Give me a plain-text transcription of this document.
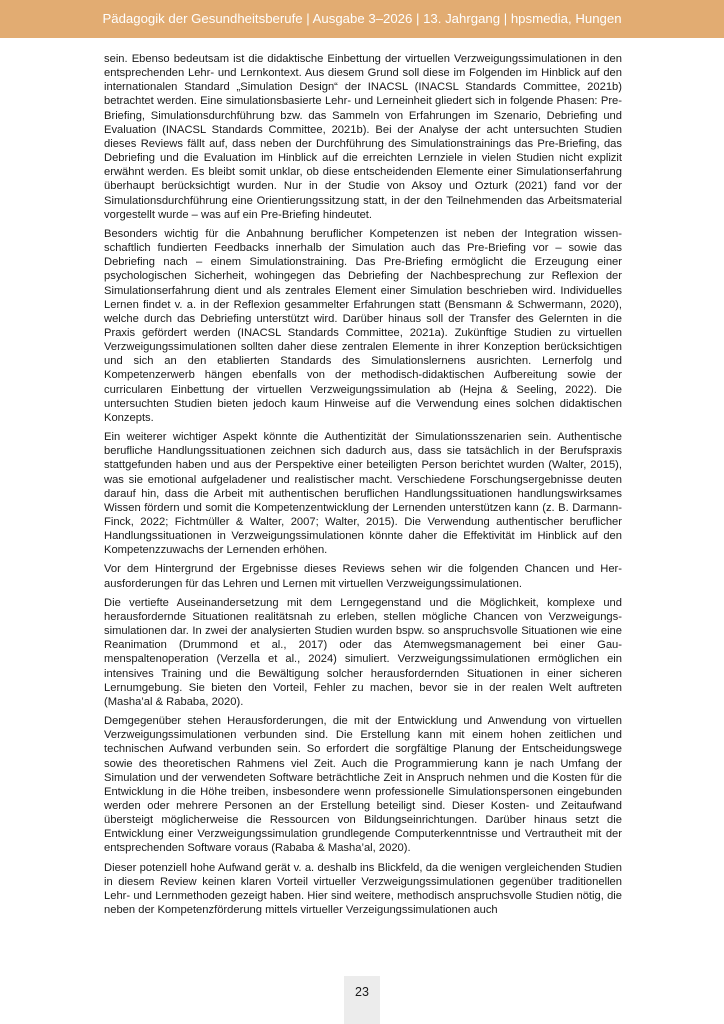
Pädagogik der Gesundheitsberufe | Ausgabe 3–2026 | 13. Jahrgang | hpsmedia, Hungen

sein. Ebenso bedeutsam ist die didaktische Einbettung der virtuellen Verzweigungssimulationen in den entsprechenden Lehr- und Lernkontext. Aus diesem Grund soll diese im Folgenden im Hinblick auf den internationalen Standard „Simulation Design“ der INACSL (INACSL Standards Committee, 2021b) betrachtet werden. Eine simulationsbasierte Lehr- und Lerneinheit gliedert sich in folgende Phasen: Pre-Briefing, Simulationsdurchführung bzw. das Sammeln von Erfahrungen im Szenario, Debriefing und Evaluation (INACSL Standards Committee, 2021b). Bei der Analyse der acht untersuchten Studien dieses Reviews fällt auf, dass neben der Durchführung des Simulationstrainings das Pre-Briefing, das Debriefing und die Evaluation im Hinblick auf die erreichten Lernziele in vielen Studien nicht explizit erwähnt werden. Es bleibt somit unklar, ob diese entscheidenden Elemente einer Simulationserfahrung überhaupt berücksichtigt wurden. Nur in der Studie von Aksoy und Ozturk (2021) fand vor der Simulationsdurchführung eine Orientierungssitzung statt, in der den Teilnehmenden das Arbeitsmaterial vorgestellt wurde – was auf ein Pre-Briefing hindeutet.

Besonders wichtig für die Anbahnung beruflicher Kompetenzen ist neben der Integration wissenschaftlich fundierten Feedbacks innerhalb der Simulation auch das Pre-Briefing vor – sowie das Debriefing nach – einem Simulationstraining. Das Pre-Briefing ermöglicht die Erzeugung einer psychologischen Sicherheit, wohingegen das Debriefing der Nachbesprechung zur Reflexion der Simulationserfahrung dient und als zentrales Element einer Simulation beschrieben wird. Individuelles Lernen findet v. a. in der Reflexion gesammelter Erfahrungen statt (Bensmann & Schwermann, 2020), welche durch das Debriefing unterstützt wird. Darüber hinaus soll der Transfer des Gelernten in die Praxis gefördert werden (INACSL Standards Committee, 2021a). Zukünftige Studien zu virtuellen Verzweigungssimulationen sollten daher diese zentralen Elemente in ihrer Konzeption berücksichtigen und sich an den etablierten Standards des Simulationslernens ausrichten. Lernerfolg und Kompetenzerwerb hängen ebenfalls von der methodisch-didaktischen Aufbereitung sowie der curricularen Einbettung der virtuellen Verzweigungssimulation ab (Hejna & Seeling, 2022). Die untersuchten Studien bieten jedoch kaum Hinweise auf die Verwendung eines solchen didaktischen Konzepts.

Ein weiterer wichtiger Aspekt könnte die Authentizität der Simulationsszenarien sein. Authentische berufliche Handlungssituationen zeichnen sich dadurch aus, dass sie tatsächlich in der Berufspraxis stattgefunden haben und aus der Perspektive einer beteiligten Person berichtet wurden (Walter, 2015), was sie emotional aufgeladener und realistischer macht. Verschiedene Forschungsergebnisse deuten darauf hin, dass die Arbeit mit authentischen beruflichen Handlungssituationen handlungswirksames Wissen fördern und somit die Kompetenzentwicklung der Lernenden unterstützen kann (z. B. Darmann-Finck, 2022; Fichtmüller & Walter, 2007; Walter, 2015). Die Verwendung authentischer beruflicher Handlungssituationen in Verzweigungssimulationen könnte daher die Effektivität im Hinblick auf den Kompetenzzuwachs der Lernenden erhöhen.

Vor dem Hintergrund der Ergebnisse dieses Reviews sehen wir die folgenden Chancen und Herausforderungen für das Lehren und Lernen mit virtuellen Verzweigungssimulationen.

Die vertiefte Auseinandersetzung mit dem Lerngegenstand und die Möglichkeit, komplexe und herausfordernde Situationen realitätsnah zu erleben, stellen mögliche Chancen von Verzweigungssimulationen dar. In zwei der analysierten Studien wurden bspw. so anspruchsvolle Situationen wie eine Reanimation (Drummond et al., 2017) oder das Atemwegsmanagement bei einer Gaumenspaltenoperation (Verzella et al., 2024) simuliert. Verzweigungssimulationen ermöglichen ein intensives Training und die Bewältigung solcher herausfordernden Situationen in einer sicheren Lernumgebung. Sie bieten den Vorteil, Fehler zu machen, bevor sie in der realen Welt auftreten (Masha’al & Rababa, 2020).

Demgegenüber stehen Herausforderungen, die mit der Entwicklung und Anwendung von virtuellen Verzweigungssimulationen verbunden sind. Die Erstellung kann mit einem hohen zeitlichen und technischen Aufwand verbunden sein. So erfordert die sorgfältige Planung der Entscheidungswege sowie des theoretischen Rahmens viel Zeit. Auch die Programmierung kann je nach Umfang der Simulation und der verwendeten Software beträchtliche Zeit in Anspruch nehmen und die Kosten für die Entwicklung in die Höhe treiben, insbesondere wenn professionelle Simulationspersonen eingebunden werden oder mehrere Personen an der Erstellung beteiligt sind. Dieser Kosten- und Zeitaufwand übersteigt möglicherweise die Ressourcen von Bildungseinrichtungen. Darüber hinaus setzt die Entwicklung einer Verzweigungssimulation grundlegende Computerkenntnisse und Vertrautheit mit der entsprechenden Software voraus (Rababa & Masha’al, 2020).

Dieser potenziell hohe Aufwand gerät v. a. deshalb ins Blickfeld, da die wenigen vergleichenden Studien in diesem Review keinen klaren Vorteil virtueller Verzweigungssimulationen gegenüber traditionellen Lehr- und Lernmethoden gezeigt haben. Hier sind weitere, methodisch anspruchsvolle Studien nötig, die neben der Kompetenzförderung mittels virtueller Verzeigungssimulationen auch

23
